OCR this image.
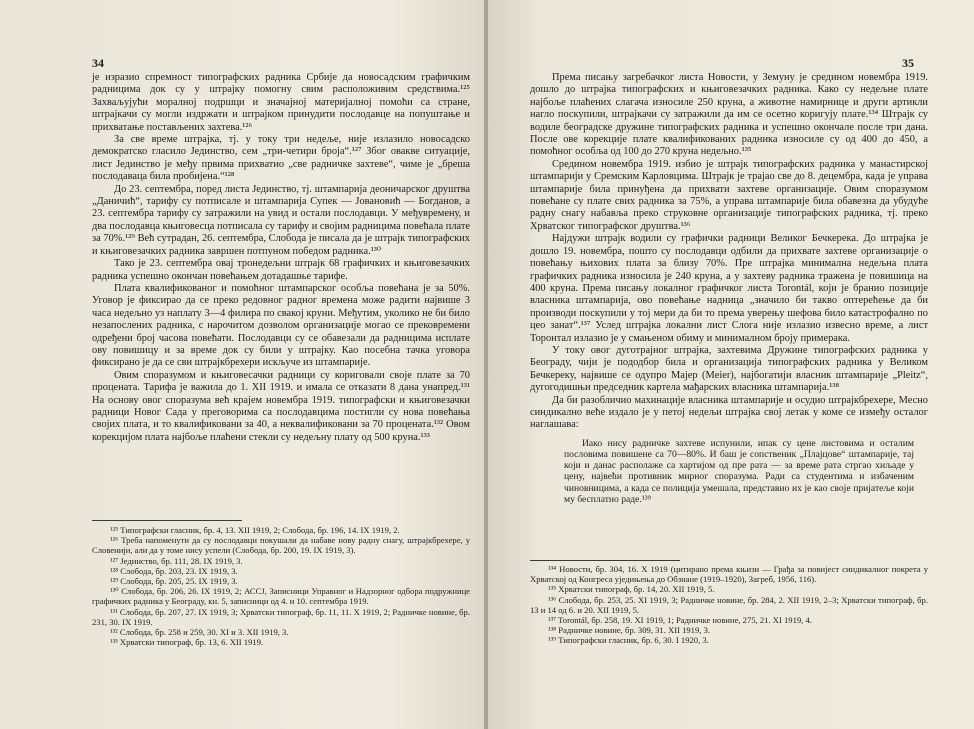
34

је изразио спремност типографских радника Србије да новосадским графичким радницима док су у штрајку помогну свим расположивим средствима.¹²⁵ Захваљујући моралној подршци и значајној материјалној помоћи са стране, штрајкачи су могли издржати и штрајком принудити послодавце на попуштање и прихватање постављених захтева.¹²⁶

За све време штрајка, тј. у току три недеље, није излазило новосадско демократско гласило Јединство, сем „три-четири броја“.¹²⁷ Због овакве ситуације, лист Јединство је међу првима прихватио „све радничке захтеве“, чиме је „бреша послодаваца била пробијена.“¹²⁸

До 23. септембра, поред листа Јединство, тј. штампарија деоничарског друштва „Даничић“, тарифу су потписале и штампарија Супек — Јовановић — Богданов, а 23. септембра тарифу су затражили на увид и остали послодавци. У међувремену, и два послодавца књиговесца потписала су тарифу и својим радницима повећала плате за 70%.¹²⁹ Већ сутрадан, 26. септембра, Слобода је писала да је штрајк типографских и књиговезачких радника завршен потпуном победом радника.¹³⁰

Тако је 23. септембра овај тронедељни штрајк 68 графичких и књиговезачких радника успешно окончан повећањем дотадашње тарифе.

Плата квалификованог и помоћног штампарског особља повећана је за 50%. Уговор је фиксирао да се преко редовног радног времена може радити највише 3 часа недељно уз наплату 3—4 филира по свакој круни. Међутим, уколико не би било незапослених радника, с нарочитом дозволом организације могао се прековремени одређени број часова повећати. Послодавци су се обавезали да радницима исплате ову повишицу и за време док су били у штрајку. Као посебна тачка уговора фиксирано је да се сви штрајкбрехери искључе из штампарије.

Овим споразумом и књиговесачки радници су кориговали своје плате за 70 процената. Тарифа је важила до 1. XII 1919. и имала се отказати 8 дана унапред.¹³¹ На основу овог споразума већ крајем новембра 1919. типографски и књиговезачки радници Новог Сада у преговорима са послодавцима постигли су нова повећања својих плата, и то квалификовани за 40, а неквалификовани за 70 процената.¹³² Овом корекцијом плата најбоље плаћени стекли су недељну плату од 500 круна.¹³³

¹²⁵ Типографски гласник, бр. 4, 13. XII 1919, 2; Слобода, бр. 196, 14. IX 1919, 2.
¹²⁶ Треба напоменути да су послодавци покушали да набаве нову радну снагу, штрајкбрехере, у Словенији, али да у томе нису успели (Слобода, бр. 200, 19. IX 1919, 3).
¹²⁷ Јединство, бр. 111, 28. IX 1919, 3.
¹²⁸ Слобода, бр. 203, 23. IX 1919, 3.
¹²⁹ Слобода, бр. 205, 25. IX 1919, 3.
¹³⁰ Слобода, бр. 206, 26. IX 1919, 2; АССЈ, Записници Управног и Надзорног одбора подружнице графичких радника у Београду, кн. 5, записници од 4. и 10. септембра 1919.
¹³¹ Слобода, бр. 207, 27. IX 1919, 3; Хрватски типограф, бр. 11, 11. X 1919, 2; Радничке новине, бр. 231, 30. IX 1919.
¹³² Слобода, бр. 258 и 259, 30. XI и 3. XII 1919, 3.
¹³³ Хрватски типограф, бр. 13, 6. XII 1919.
35

Према писању загребачког листа Новости, у Земуну је средином новембра 1919. дошло до штрајка типографских и књиговезачких радника. Како су недељне плате најбоље плаћених слагача износиле 250 круна, а животне намирнице и други артикли нагло поскупили, штрајкачи су затражили да им се осетно коригују плате.¹³⁴ Штрајк су водиле београдске дружине типографских радника и успешно окончале после три дана. После ове корекције плате квалификованих радника износиле су од 400 до 450, а помоћног особља од 100 до 270 круна недељно.¹³⁵

Средином новембра 1919. избио је штрајк типографских радника у манастирској штампарији у Сремским Карловцима. Штрајк је трајао све до 8. децембра, када је управа штампарије била принуђена да прихвати захтеве организације. Овим споразумом повећане су плате свих радника за 75%, а управа штампарије била обавезна да убудуће радну снагу набавља преко струковне организације типографских радника, тј. преко Хрватског типографског друштва.¹³⁶

Најдужи штрајк водили су графички радници Великог Бечкерека. До штрајка је дошло 19. новембра, пошто су послодавци одбили да прихвате захтеве организације о повећању њихових плата за близу 70%. Пре штрајка минимална недељна плата графичких радника износила је 240 круна, а у захтеву радника тражена је повишица на 400 круна. Према писању локалног графичког листа Torontál, који је бранио позиције власника штампарија, ово повећање надница „значило би такво оптерећење да би производи поскупили у тој мери да би то према уверењу шефова било катастрофално по цео занат“.¹³⁷ Услед штрајка локални лист Слога није излазио извесно време, а лист Торонтал излазио је у смањеном обиму и минималном броју примерака.

У току овог дуготрајног штрајка, захтевима Дружине типографских радника у Београду, чији је пододбор била и организација типографских радника у Великом Бечкереку, највише се одупро Мајер (Meier), најбогатији власник штампарије „Pleitz“, дугогодишњи председник картела мађарских власника штампарија.¹³⁸

Да би разобличио махинације власника штампарије и осудио штрајкбрехере, Месно синдикално веће издало је у петој недељи штрајка свој летак у коме се између осталог наглашава:

Иако нису радничке захтеве испунили, ипак су цене листовима и осталим пословима повишене са 70—80%. И баш је сопственик „Плајцове“ штампарије, тај који и данас располаже са хартијом од пре рата — за време рата стргао хиљаде у цену, највећи противник мирног споразума. Ради са студентима и избаченим чиновницима, а када се полиција умешала, представио их је као своје пријатеље који му бесплатно раде.¹³⁹
¹³⁴ Новости, бр. 304, 16. X 1919 (цитирано према књизи — Грађа за повијест синдикалног покрета у Хрватској од Конгреса уједињења до Обзнане (1919–1920), Загреб, 1956, 116).
¹³⁵ Хрватски типограф, бр. 14, 20. XII 1919, 5.
¹³⁶ Слобода, бр. 253, 25. XI 1919, 3; Радничке новине, бр. 284, 2. XII 1919, 2–3; Хрватски типограф, бр. 13 и 14 од 6. и 20. XII 1919, 5.
¹³⁷ Torontál, бр. 258, 19. XI 1919, 1; Радничке новине, 275, 21. XI 1919, 4.
¹³⁸ Радничке новине, бр. 309, 31. XII 1919, 3.
¹³⁹ Типографски гласник, бр. 6, 30. I 1920, 3.
